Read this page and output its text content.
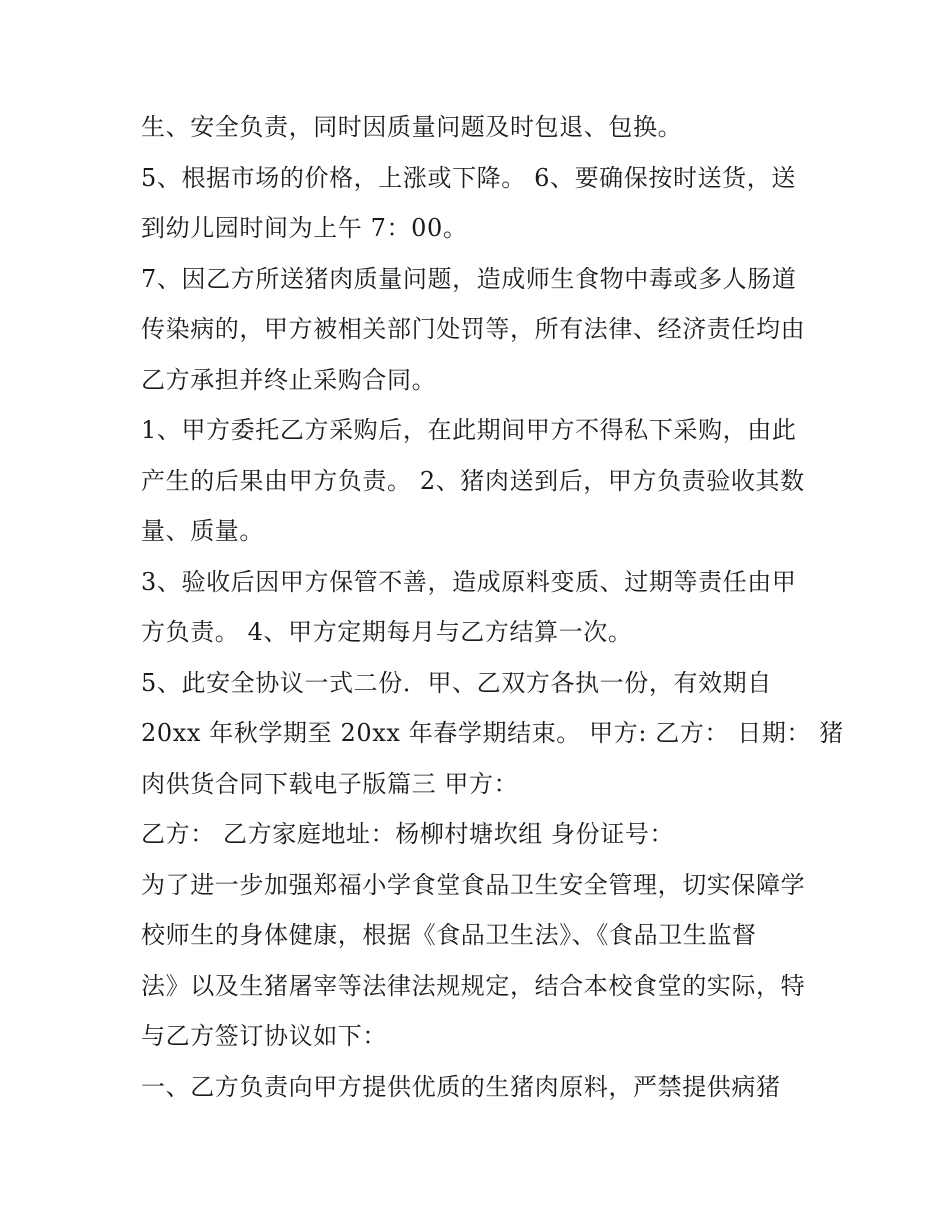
生、安全负责，同时因质量问题及时包退、包换。
5、根据市场的价格，上涨或下降。 6、要确保按时送货，送
到幼儿园时间为上午 7：00。
7、因乙方所送猪肉质量问题，造成师生食物中毒或多人肠道
传染病的，甲方被相关部门处罚等，所有法律、经济责任均由
乙方承担并终止采购合同。
1、甲方委托乙方采购后，在此期间甲方不得私下采购，由此
产生的后果由甲方负责。 2、猪肉送到后，甲方负责验收其数
量、质量。
3、验收后因甲方保管不善，造成原料变质、过期等责任由甲
方负责。 4、甲方定期每月与乙方结算一次。
5、此安全协议一式二份．甲、乙双方各执一份，有效期自
20xx 年秋学期至 20xx 年春学期结束。 甲方: 乙方： 日期： 猪
肉供货合同下载电子版篇三 甲方：
乙方： 乙方家庭地址：杨柳村塘坎组 身份证号：
为了进一步加强郑福小学食堂食品卫生安全管理，切实保障学
校师生的身体健康，根据《食品卫生法》、《食品卫生监督
法》以及生猪屠宰等法律法规规定，结合本校食堂的实际，特
与乙方签订协议如下：
一、乙方负责向甲方提供优质的生猪肉原料，严禁提供病猪
